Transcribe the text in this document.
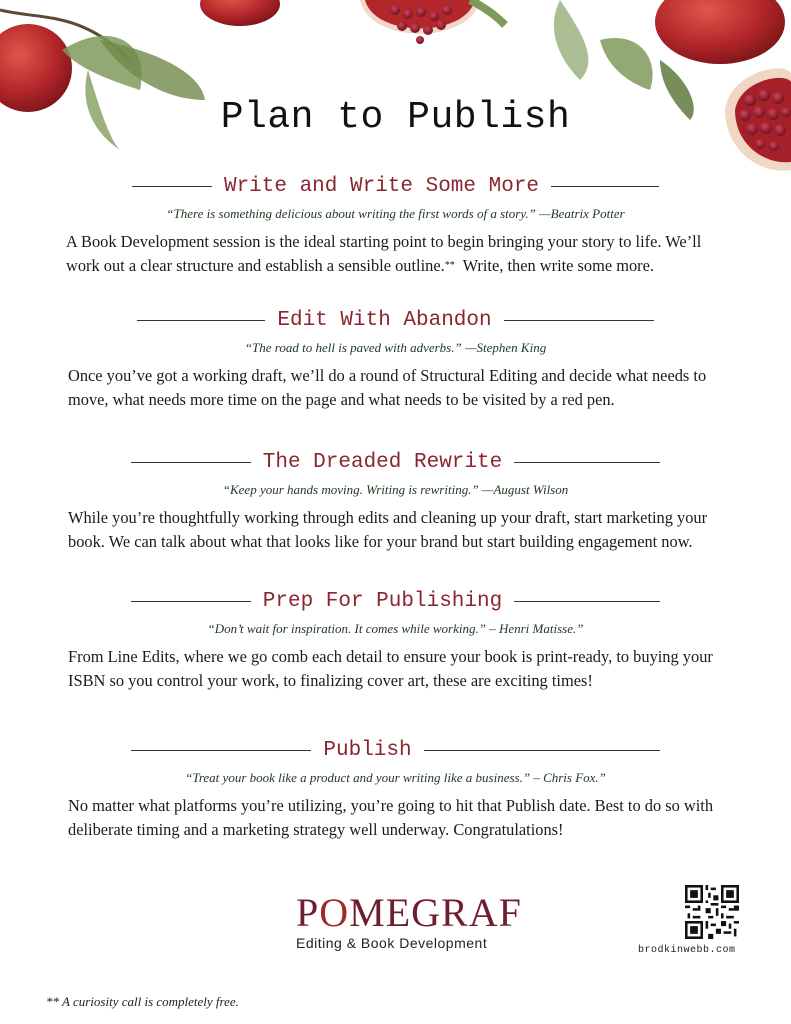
Plan to Publish
Write and Write Some More
“There is something delicious about writing the first words of a story.” —Beatrix Potter
A Book Development session is the ideal starting point to begin bringing your story to life. We’ll work out a clear structure and establish a sensible outline.**  Write, then write some more.
Edit With Abandon
“The road to hell is paved with adverbs.” —Stephen King
Once you’ve got a working draft, we’ll do a round of Structural Editing and decide what needs to move, what needs more time on the page and what needs to be visited by a red pen.
The Dreaded Rewrite
“Keep your hands moving. Writing is rewriting.” —August Wilson
While you’re thoughtfully working through edits and cleaning up your draft, start marketing your book. We can talk about what that looks like for your brand but start building engagement now.
Prep For Publishing
“Don’t wait for inspiration. It comes while working.” – Henri Matisse.”
From Line Edits, where we go comb each detail to ensure your book is print-ready, to buying your ISBN so you control your work, to finalizing cover art, these are exciting times!
Publish
“Treat your book like a product and your writing like a business.” – Chris Fox.”
No matter what platforms you’re utilizing, you’re going to hit that Publish date. Best to do so with deliberate timing and a marketing strategy well underway. Congratulations!
POMEGRAF
Editing & Book Development	brodkinwebb.com
** A curiosity call is completely free.
